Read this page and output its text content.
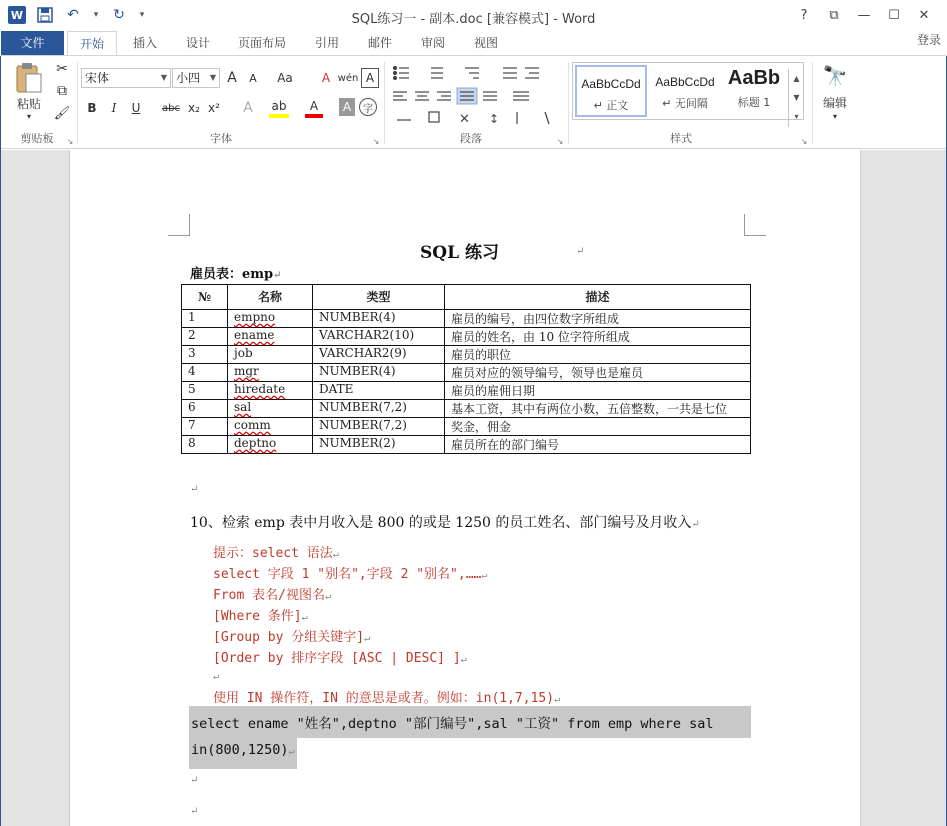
W	↶	▾ ↻	▾	SQL练习一 - 副本.doc [兼容模式] - Word	?	⧉	—	☐	✕
文件	开始	插入	设计	页面布局	引用	邮件	审阅	视图	登录
粘贴
▾
✂
⧉
🖌
剪贴板	↘
宋体	▼ 小四 ▼ A	A	Aa	A wén A
B	I	U	abc x₂ x²	A	ab	A	A	字
字体	↘
✕ ↕
段落	↘
AaBbCcDd
↵ 正文
AaBbCcDd
↵ 无间隔
AaBb
标题 1
▲
▼
▾
样式	↘
🔭
编辑
▾
SQL 练习	↵
雇员表：emp↵
№	名称	类型	描述
1	empno	NUMBER(4)	雇员的编号，由四位数字所组成
2	ename	VARCHAR2(10)	雇员的姓名，由 10 位字符所组成
3	job	VARCHAR2(9)	雇员的职位
4	mgr	NUMBER(4)	雇员对应的领导编号，领导也是雇员
5	hiredate	DATE	雇员的雇佣日期
6	sal	NUMBER(7,2)	基本工资，其中有两位小数，五倍整数，一共是七位
7	comm	NUMBER(7,2)	奖金，佣金
8	deptno	NUMBER(2)	雇员所在的部门编号
↵
10、检索 emp 表中月收入是 800 的或是 1250 的员工姓名、部门编号及月收入↵
提示：select 语法↵
select 字段 1 "别名",字段 2 "别名",……↵
From 表名/视图名↵
[Where 条件]↵
[Group by 分组关键字]↵
[Order by 排序字段 [ASC | DESC] ]↵
↵
使用 IN 操作符，IN 的意思是或者。例如：in(1,7,15)↵
select ename "姓名",deptno "部门编号",sal "工资" from emp where sal
in(800,1250)↵
↵
↵
